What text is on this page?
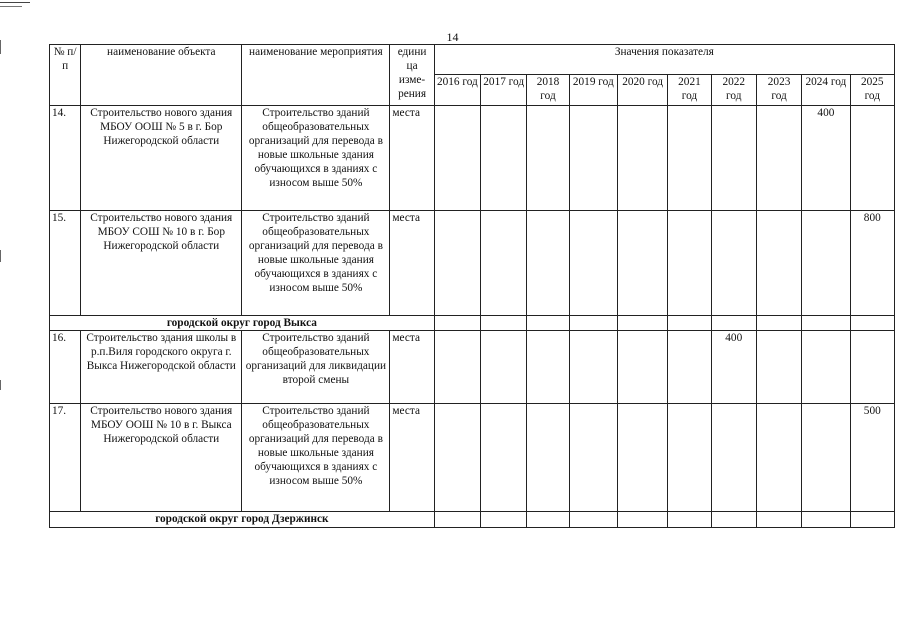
14
№ п/п	наименование объекта	наименование мероприятия	едини ца изме-рения	Значения показателя									
				2016 год	2017 год	2018 год	2019 год	2020 год	2021 год	2022 год	2023 год	2024 год	2025 год
14.	Строительство нового здания МБОУ ООШ № 5 в г. Бор Нижегородской области	Строительство зданий общеобразовательных организаций для перевода в новые школьные здания обучающихся в зданиях с износом выше 50%	места									400	
15.	Строительство нового здания МБОУ СОШ № 10 в г. Бор Нижегородской области	Строительство зданий общеобразовательных организаций для перевода в новые школьные здания обучающихся в зданиях с износом выше 50%	места										800
городской округ город Выкса													
16.	Строительство здания школы в р.п.Виля городского округа г. Выкса Нижегородской области	Строительство зданий общеобразовательных организаций для ликвидации второй смены	места							400			
17.	Строительство нового здания МБОУ ООШ № 10 в г. Выкса Нижегородской области	Строительство зданий общеобразовательных организаций для перевода в новые школьные здания обучающихся в зданиях с износом выше 50%	места										500
городской округ город Дзержинск													
